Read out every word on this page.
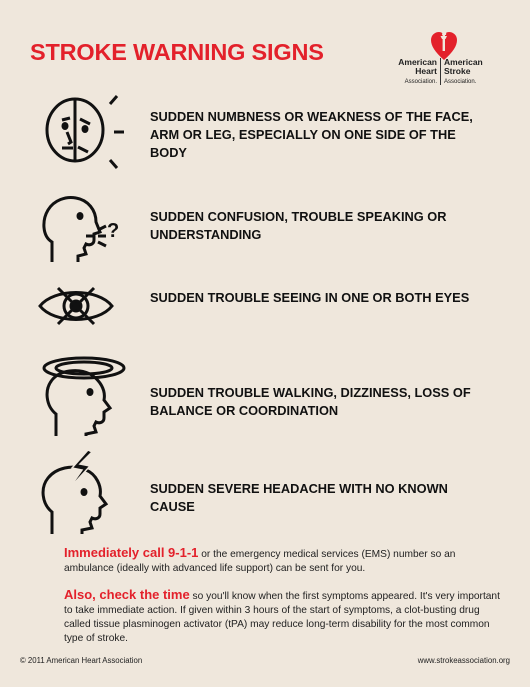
STROKE WARNING SIGNS	American
Heart
Association.
American
Stroke
Association.
SUDDEN NUMBNESS OR WEAKNESS OF THE FACE, ARM OR LEG, ESPECIALLY ON ONE SIDE OF THE BODY
SUDDEN CONFUSION, TROUBLE SPEAKING OR UNDERSTANDING
?
SUDDEN TROUBLE SEEING IN ONE OR BOTH EYES
SUDDEN TROUBLE WALKING, DIZZINESS, LOSS OF BALANCE OR COORDINATION
SUDDEN SEVERE HEADACHE WITH NO KNOWN CAUSE
Immediately call 9-1-1 or the emergency medical services (EMS) number so an ambulance (ideally with advanced life support) can be sent for you.
Also, check the time so you'll know when the first symptoms appeared. It's very important to take immediate action. If given within 3 hours of the start of symptoms, a clot-busting drug called tissue plasminogen activator (tPA) may reduce long-term disability for the most common type of stroke.
© 2011 American Heart Association	www.strokeassociation.org
